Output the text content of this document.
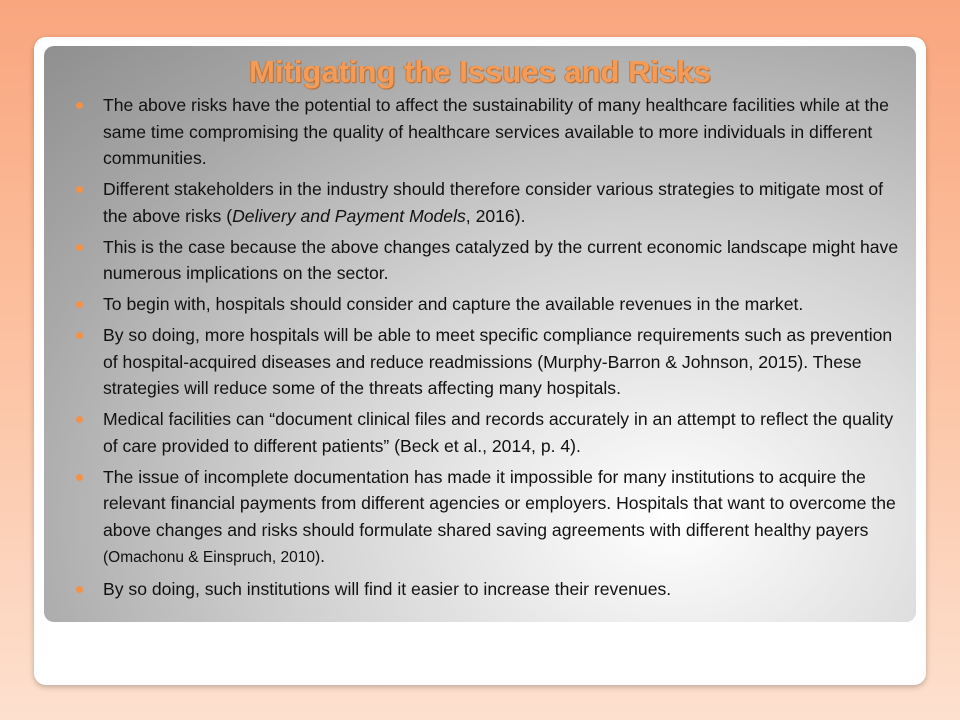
Mitigating the Issues and Risks
The above risks have the potential to affect the sustainability of many healthcare facilities while at the same time compromising the quality of healthcare services available to more individuals in different communities.
Different stakeholders in the industry should therefore consider various strategies to mitigate most of the above risks (Delivery and Payment Models, 2016).
This is the case because the above changes catalyzed by the current economic landscape might have numerous implications on the sector.
To begin with, hospitals should consider and capture the available revenues in the market.
By so doing, more hospitals will be able to meet specific compliance requirements such as prevention of hospital-acquired diseases and reduce readmissions (Murphy-Barron & Johnson, 2015). These strategies will reduce some of the threats affecting many hospitals.
Medical facilities can “document clinical files and records accurately in an attempt to reflect the quality of care provided to different patients” (Beck et al., 2014, p. 4).
The issue of incomplete documentation has made it impossible for many institutions to acquire the relevant financial payments from different agencies or employers. Hospitals that want to overcome the above changes and risks should formulate shared saving agreements with different healthy payers (Omachonu & Einspruch, 2010).
By so doing, such institutions will find it easier to increase their revenues.
